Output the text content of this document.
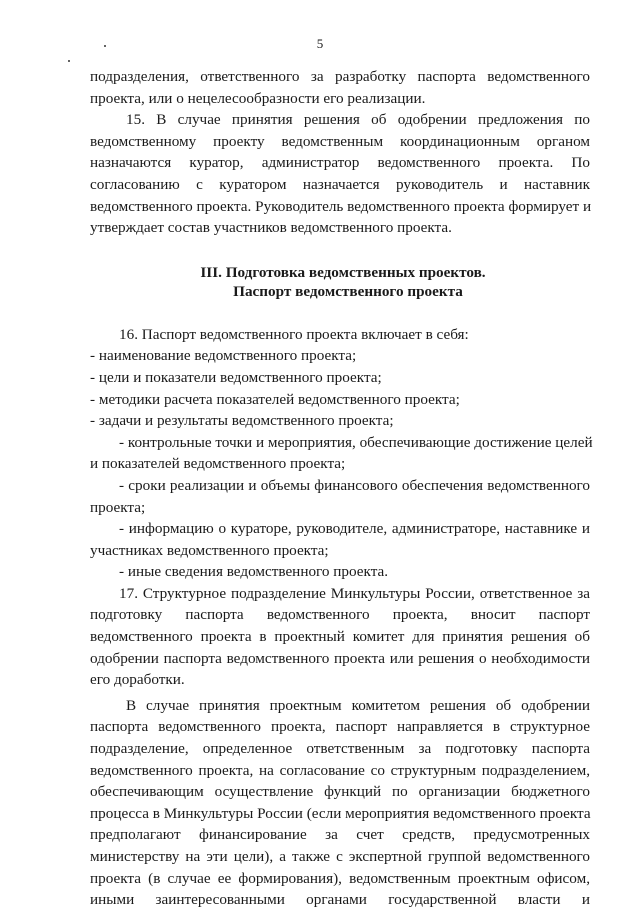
5
подразделения, ответственного за разработку паспорта ведомственного
проекта, или о нецелесообразности его реализации.
15. В случае принятия решения об одобрении предложения по
ведомственному проекту ведомственным координационным органом
назначаются куратор, администратор ведомственного проекта. По
согласованию с куратором назначается руководитель и наставник
ведомственного проекта. Руководитель ведомственного проекта формирует и
утверждает состав участников ведомственного проекта.
III. Подготовка ведомственных проектов.
Паспорт ведомственного проекта
16. Паспорт ведомственного проекта включает в себя:
- наименование ведомственного проекта;
- цели и показатели ведомственного проекта;
- методики расчета показателей ведомственного проекта;
- задачи и результаты ведомственного проекта;
- контрольные точки и мероприятия, обеспечивающие достижение целей
и показателей ведомственного проекта;
- сроки реализации и объемы финансового обеспечения ведомственного
проекта;
- информацию о кураторе, руководителе, администраторе, наставнике и
участниках ведомственного проекта;
- иные сведения ведомственного проекта.
17. Структурное подразделение Минкультуры России, ответственное за
подготовку паспорта ведомственного проекта, вносит паспорт
ведомственного проекта в проектный комитет для принятия решения об
одобрении паспорта ведомственного проекта или решения о необходимости
его доработки.
В случае принятия проектным комитетом решения об одобрении
паспорта ведомственного проекта, паспорт направляется в структурное
подразделение, определенное ответственным за подготовку паспорта
ведомственного проекта, на согласование со структурным подразделением,
обеспечивающим осуществление функций по организации бюджетного
процесса в Минкультуры России (если мероприятия ведомственного проекта
предполагают финансирование за счет средств, предусмотренных
министерству на эти цели), а также с экспертной группой ведомственного
проекта (в случае ее формирования), ведомственным проектным офисом,
иными заинтересованными органами государственной власти и
